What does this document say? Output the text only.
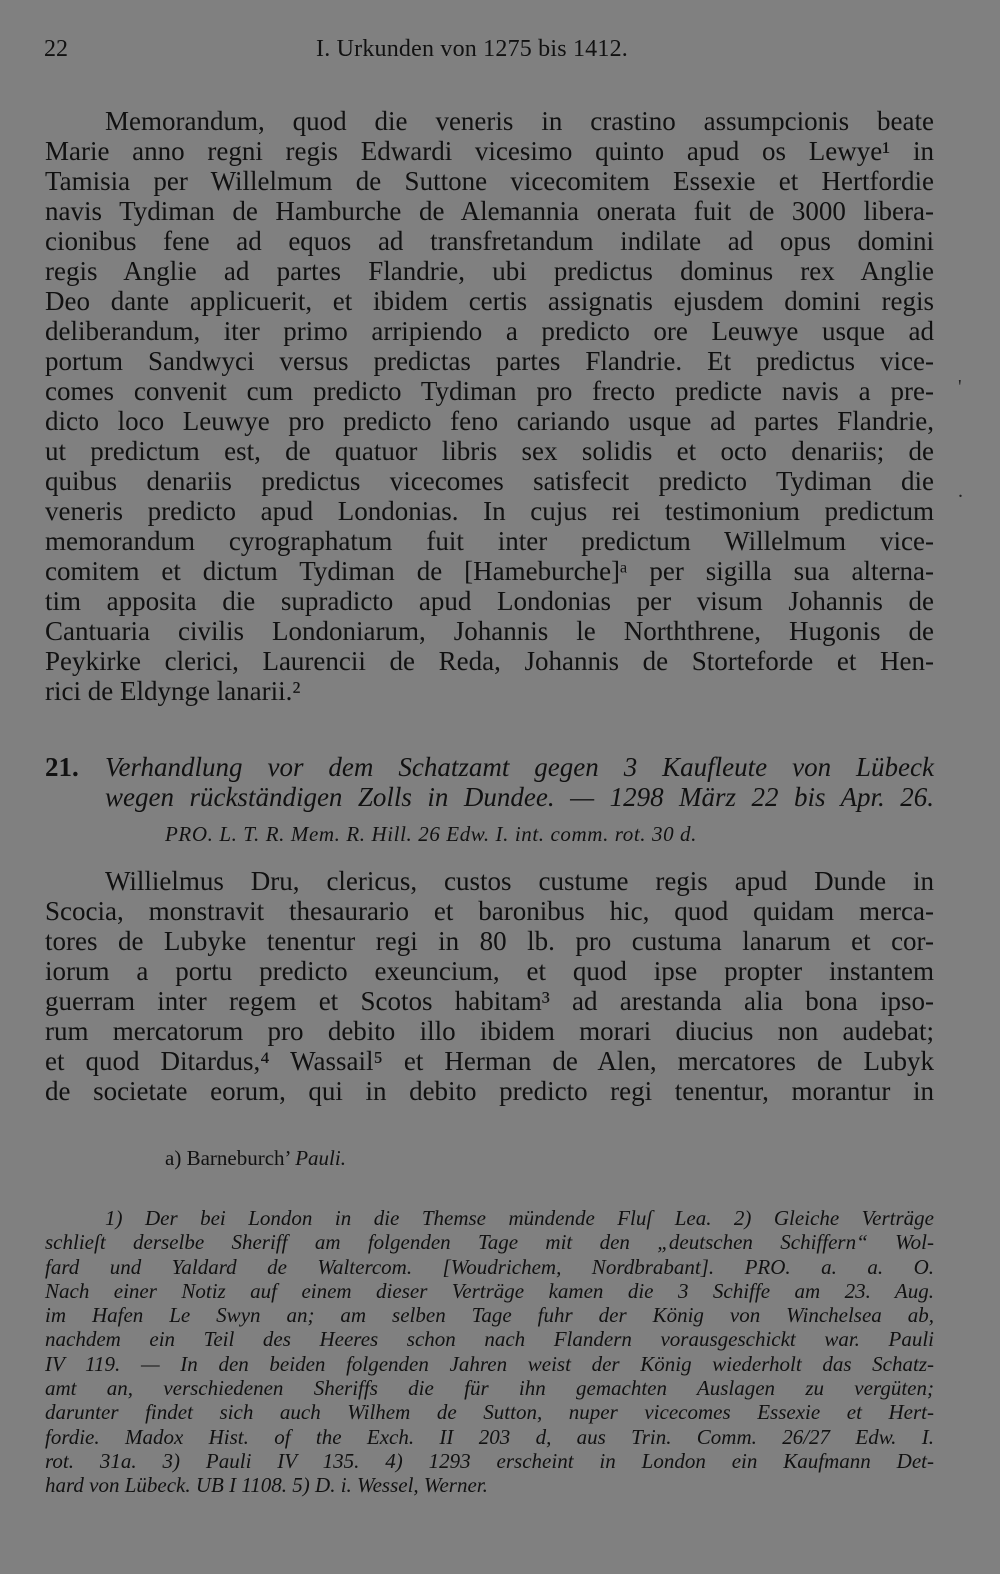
22	I. Urkunden von 1275 bis 1412.
Memorandum, quod die veneris in crastino assumpcionis beate
Marie anno regni regis Edwardi vicesimo quinto apud os Lewye¹ in
Tamisia per Willelmum de Suttone vicecomitem Essexie et Hertfordie
navis Tydiman de Hamburche de Alemannia onerata fuit de 3000 libera-
cionibus fene ad equos ad transfretandum indilate ad opus domini
regis Anglie ad partes Flandrie, ubi predictus dominus rex Anglie
Deo dante applicuerit, et ibidem certis assignatis ejusdem domini regis
deliberandum, iter primo arripiendo a predicto ore Leuwye usque ad
portum Sandwyci versus predictas partes Flandrie. Et predictus vice-
comes convenit cum predicto Tydiman pro frecto predicte navis a pre-
dicto loco Leuwye pro predicto feno cariando usque ad partes Flandrie,
ut predictum est, de quatuor libris sex solidis et octo denariis; de
quibus denariis predictus vicecomes satisfecit predicto Tydiman die
veneris predicto apud Londonias. In cujus rei testimonium predictum
memorandum cyrographatum fuit inter predictum Willelmum vice-
comitem et dictum Tydiman de [Hameburche]ᵃ per sigilla sua alterna-
tim apposita die supradicto apud Londonias per visum Johannis de
Cantuaria civilis Londoniarum, Johannis le Norththrene, Hugonis de
Peykirke clerici, Laurencii de Reda, Johannis de Storteforde et Hen-
rici de Eldynge lanarii.²
21. Verhandlung vor dem Schatzamt gegen 3 Kaufleute von Lübeck
wegen rückständigen Zolls in Dundee. — 1298 März 22 bis Apr. 26.
PRO. L. T. R. Mem. R. Hill. 26 Edw. I. int. comm. rot. 30 d.
Willielmus Dru, clericus, custos custume regis apud Dunde in
Scocia, monstravit thesaurario et baronibus hic, quod quidam merca-
tores de Lubyke tenentur regi in 80 lb. pro custuma lanarum et cor-
iorum a portu predicto exeuncium, et quod ipse propter instantem
guerram inter regem et Scotos habitam³ ad arestanda alia bona ipso-
rum mercatorum pro debito illo ibidem morari diucius non audebat;
et quod Ditardus,⁴ Wassail⁵ et Herman de Alen, mercatores de Lubyk
de societate eorum, qui in debito predicto regi tenentur, morantur in
a) Barneburch’ Pauli.
1) Der bei London in die Themse mündende Fluſ Lea. 2) Gleiche Verträge
schlieſt derselbe Sheriff am folgenden Tage mit den „deutschen Schiffern“ Wol-
fard und Yaldard de Waltercom. [Woudrichem, Nordbrabant]. PRO. a. a. O.
Nach einer Notiz auf einem dieser Verträge kamen die 3 Schiffe am 23. Aug.
im Hafen Le Swyn an; am selben Tage fuhr der König von Winchelsea ab,
nachdem ein Teil des Heeres schon nach Flandern vorausgeschickt war. Pauli
IV 119. — In den beiden folgenden Jahren weist der König wiederholt das Schatz-
amt an, verschiedenen Sheriffs die für ihn gemachten Auslagen zu vergüten;
darunter findet sich auch Wilhem de Sutton, nuper vicecomes Essexie et Hert-
fordie. Madox Hist. of the Exch. II 203 d, aus Trin. Comm. 26/27 Edw. I.
rot. 31a. 3) Pauli IV 135. 4) 1293 erscheint in London ein Kaufmann Det-
hard von Lübeck. UB I 1108. 5) D. i. Wessel, Werner.
'
.
